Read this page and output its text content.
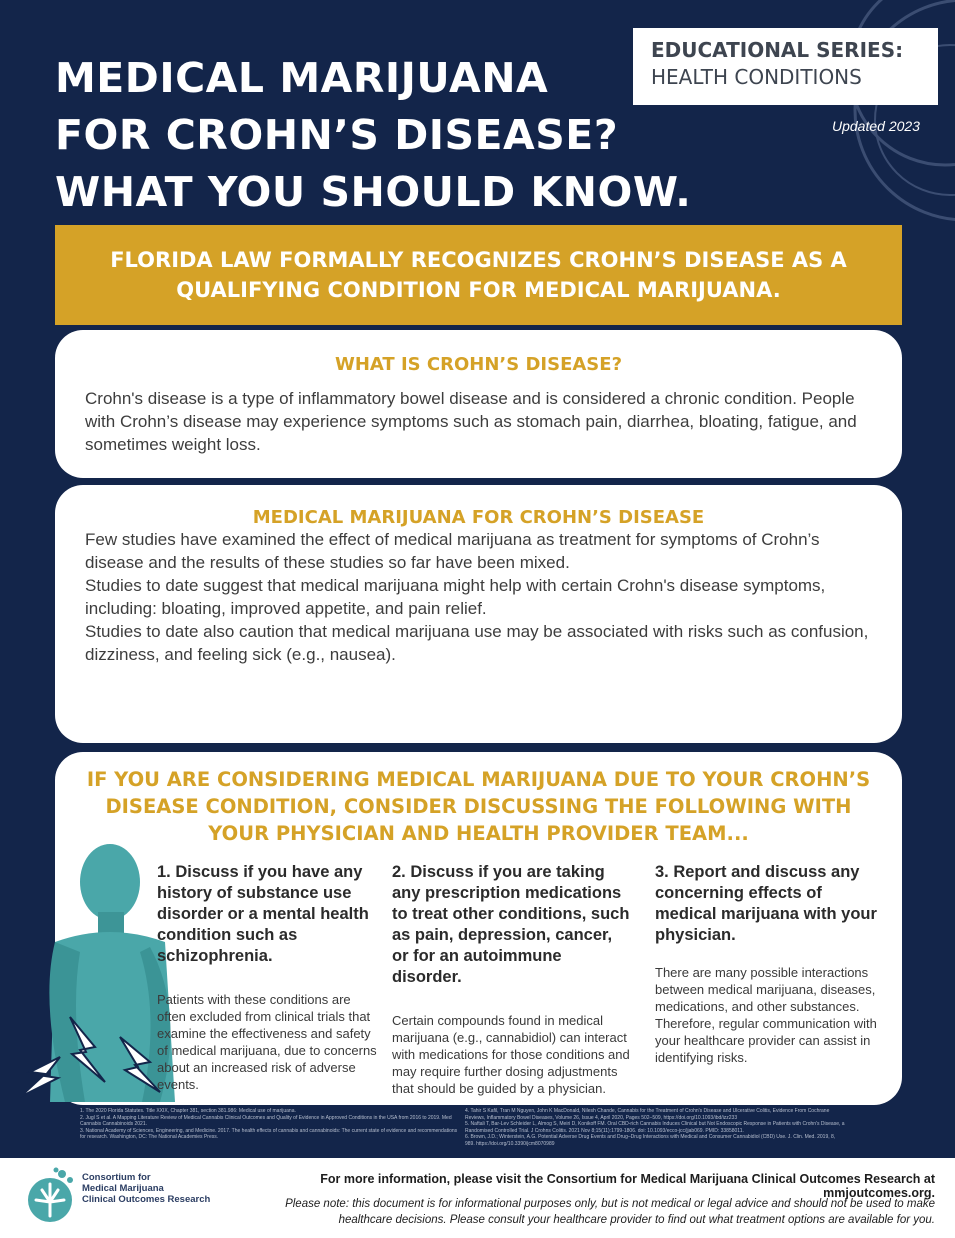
MEDICAL MARIJUANA
FOR CROHN’S DISEASE?
WHAT YOU SHOULD KNOW.
EDUCATIONAL SERIES:
HEALTH CONDITIONS
Updated 2023
FLORIDA LAW FORMALLY RECOGNIZES CROHN’S DISEASE AS A QUALIFYING CONDITION FOR MEDICAL MARIJUANA.
WHAT IS CROHN’S DISEASE?

Crohn's disease is a type of inflammatory bowel disease and is considered a chronic condition. People with Crohn’s disease may experience symptoms such as stomach pain, diarrhea, bloating, fatigue, and sometimes weight loss.

MEDICAL MARIJUANA FOR CROHN’S DISEASE

Few studies have examined the effect of medical marijuana as treatment for symptoms of Crohn’s disease and the results of these studies so far have been mixed.

Studies to date suggest that medical marijuana might help with certain Crohn's disease symptoms, including: bloating, improved appetite, and pain relief.

Studies to date also caution that medical marijuana use may be associated with risks such as confusion, dizziness, and feeling sick (e.g., nausea).

IF YOU ARE CONSIDERING MEDICAL MARIJUANA DUE TO YOUR CROHN’S DISEASE CONDITION, CONSIDER DISCUSSING THE FOLLOWING WITH YOUR PHYSICIAN AND HEALTH PROVIDER TEAM...
1. Discuss if you have any history of substance use disorder or a mental health condition such as schizophrenia.
Patients with these conditions are often excluded from clinical trials that examine the effectiveness and safety of medical marijuana, due to concerns about an increased risk of adverse events.
2. Discuss if you are taking any prescription medications to treat other conditions, such as pain, depression, cancer, or for an autoimmune disorder.
Certain compounds found in medical marijuana (e.g., cannabidiol) can interact with medications for those conditions and may require further dosing adjustments that should be guided by a physician.
3. Report and discuss any concerning effects of medical marijuana with your physician.
There are many possible interactions between medical marijuana, diseases, medications, and other substances. Therefore, regular communication with your healthcare provider can assist in identifying risks.
1. The 2020 Florida Statutes. Title XXIX, Chapter 381, section 381.986: Medical use of marijuana.
2. Jugl S et al. A Mapping Literature Review of Medical Cannabis Clinical Outcomes and Quality of Evidence in Approved Conditions in the USA from 2016 to 2019. Med Cannabis Cannabinoids 2021.
3. National Academy of Sciences, Engineering, and Medicine. 2017. The health effects of cannabis and cannabinoids: The current state of evidence and recommendations for research. Washington, DC: The National Academies Press.
4. Tahir S Kafil, Tran M Nguyen, John K MacDonald, Nilesh Chande, Cannabis for the Treatment of Crohn's Disease and Ulcerative Colitis, Evidence From Cochrane Reviews, Inflammatory Bowel Diseases, Volume 26, Issue 4, April 2020, Pages 502–509, https://doi.org/10.1093/ibd/izz233
5. Naftali T, Bar-Lev Schleider L, Almog S, Meiri D, Konikoff FM. Oral CBD-rich Cannabis Induces Clinical but Not Endoscopic Response in Patients with Crohn's Disease, a Randomised Controlled Trial. J Crohns Colitis. 2021 Nov 8;15(11):1799-1806. doi: 10.1093/ecco-jcc/jjab069. PMID: 33858011.
6. Brown, J.D.; Winterstein, A.G. Potential Adverse Drug Events and Drug–Drug Interactions with Medical and Consumer Cannabidiol (CBD) Use. J. Clin. Med. 2019, 8, 989. https://doi.org/10.3390/jcm8070989
Consortium for
Medical Marijuana
Clinical Outcomes Research
For more information, please visit the Consortium for Medical Marijuana Clinical Outcomes Research at mmjoutcomes.org.
Please note: this document is for informational purposes only, but is not medical or legal advice and should not be used to make healthcare decisions. Please consult your healthcare provider to find out what treatment options are available for you.
